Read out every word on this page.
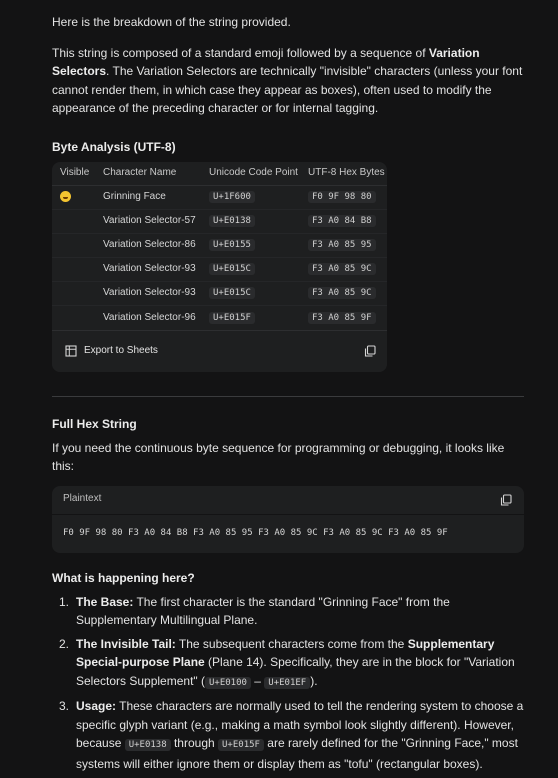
Here is the breakdown of the string provided.

This string is composed of a standard emoji followed by a sequence of Variation Selectors. The Variation Selectors are technically "invisible" characters (unless your font cannot render them, in which case they appear as boxes), often used to modify the appearance of the preceding character or for internal tagging.

Byte Analysis (UTF-8)
Visible	Character Name	Unicode Code Point	UTF-8 Hex Bytes
	Grinning Face	U+1F600	F0 9F 98 80
	Variation Selector-57	U+E0138	F3 A0 84 B8
	Variation Selector-86	U+E0155	F3 A0 85 95
	Variation Selector-93	U+E015C	F3 A0 85 9C
	Variation Selector-93	U+E015C	F3 A0 85 9C
	Variation Selector-96	U+E015F	F3 A0 85 9F
Export to Sheets
Full Hex String

If you need the continuous byte sequence for programming or debugging, it looks like this:

Plaintext
F0 9F 98 80 F3 A0 84 B8 F3 A0 85 95 F3 A0 85 9C F3 A0 85 9C F3 A0 85 9F
What is happening here?
1. The Base: The first character is the standard "Grinning Face" from the Supplementary Multilingual Plane.
2. The Invisible Tail: The subsequent characters come from the Supplementary Special-purpose Plane (Plane 14). Specifically, they are in the block for "Variation Selectors Supplement" ( U+E0100 – U+E01EF ).
3. Usage: These characters are normally used to tell the rendering system to choose a specific glyph variant (e.g., making a math symbol look slightly different). However, because U+E0138 through U+E015F are rarely defined for the "Grinning Face," most systems will either ignore them or display them as "tofu" (rectangular boxes).
